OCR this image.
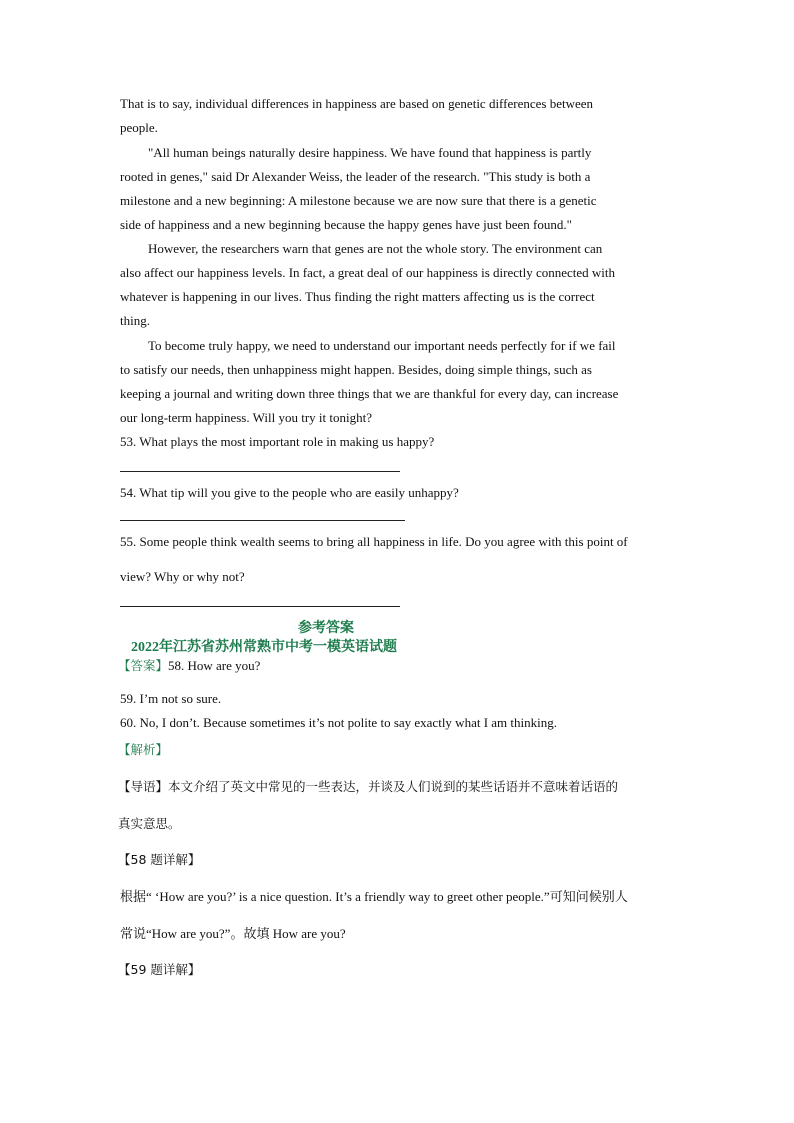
That is to say, individual differences in happiness are based on genetic differences between
people.
"All human beings naturally desire happiness. We have found that happiness is partly
rooted in genes," said Dr Alexander Weiss, the leader of the research. "This study is both a
milestone and a new beginning: A milestone because we are now sure that there is a genetic
side of happiness and a new beginning because the happy genes have just been found."
However, the researchers warn that genes are not the whole story. The environment can
also affect our happiness levels. In fact, a great deal of our happiness is directly connected with
whatever is happening in our lives. Thus finding the right matters affecting us is the correct
thing.
To become truly happy, we need to understand our important needs perfectly for if we fail
to satisfy our needs, then unhappiness might happen. Besides, doing simple things, such as
keeping a journal and writing down three things that we are thankful for every day, can increase
our long-term happiness. Will you try it tonight?
53. What plays the most important role in making us happy?
54. What tip will you give to the people who are easily unhappy?
55. Some people think wealth seems to bring all happiness in life. Do you agree with this point of
view? Why or why not?
参考答案
2022年江苏省苏州常熟市中考一模英语试题
【答案】58. How are you?
59. I’m not so sure.
60. No, I don’t. Because sometimes it’s not polite to say exactly what I am thinking.
【解析】
【导语】本文介绍了英文中常见的一些表达，并谈及人们说到的某些话语并不意味着话语的
真实意思。
【58 题详解】
根据“ ‘How are you?’ is a nice question. It’s a friendly way to greet other people.”可知问候别人
常说“How are you?”。故填 How are you?
【59 题详解】
